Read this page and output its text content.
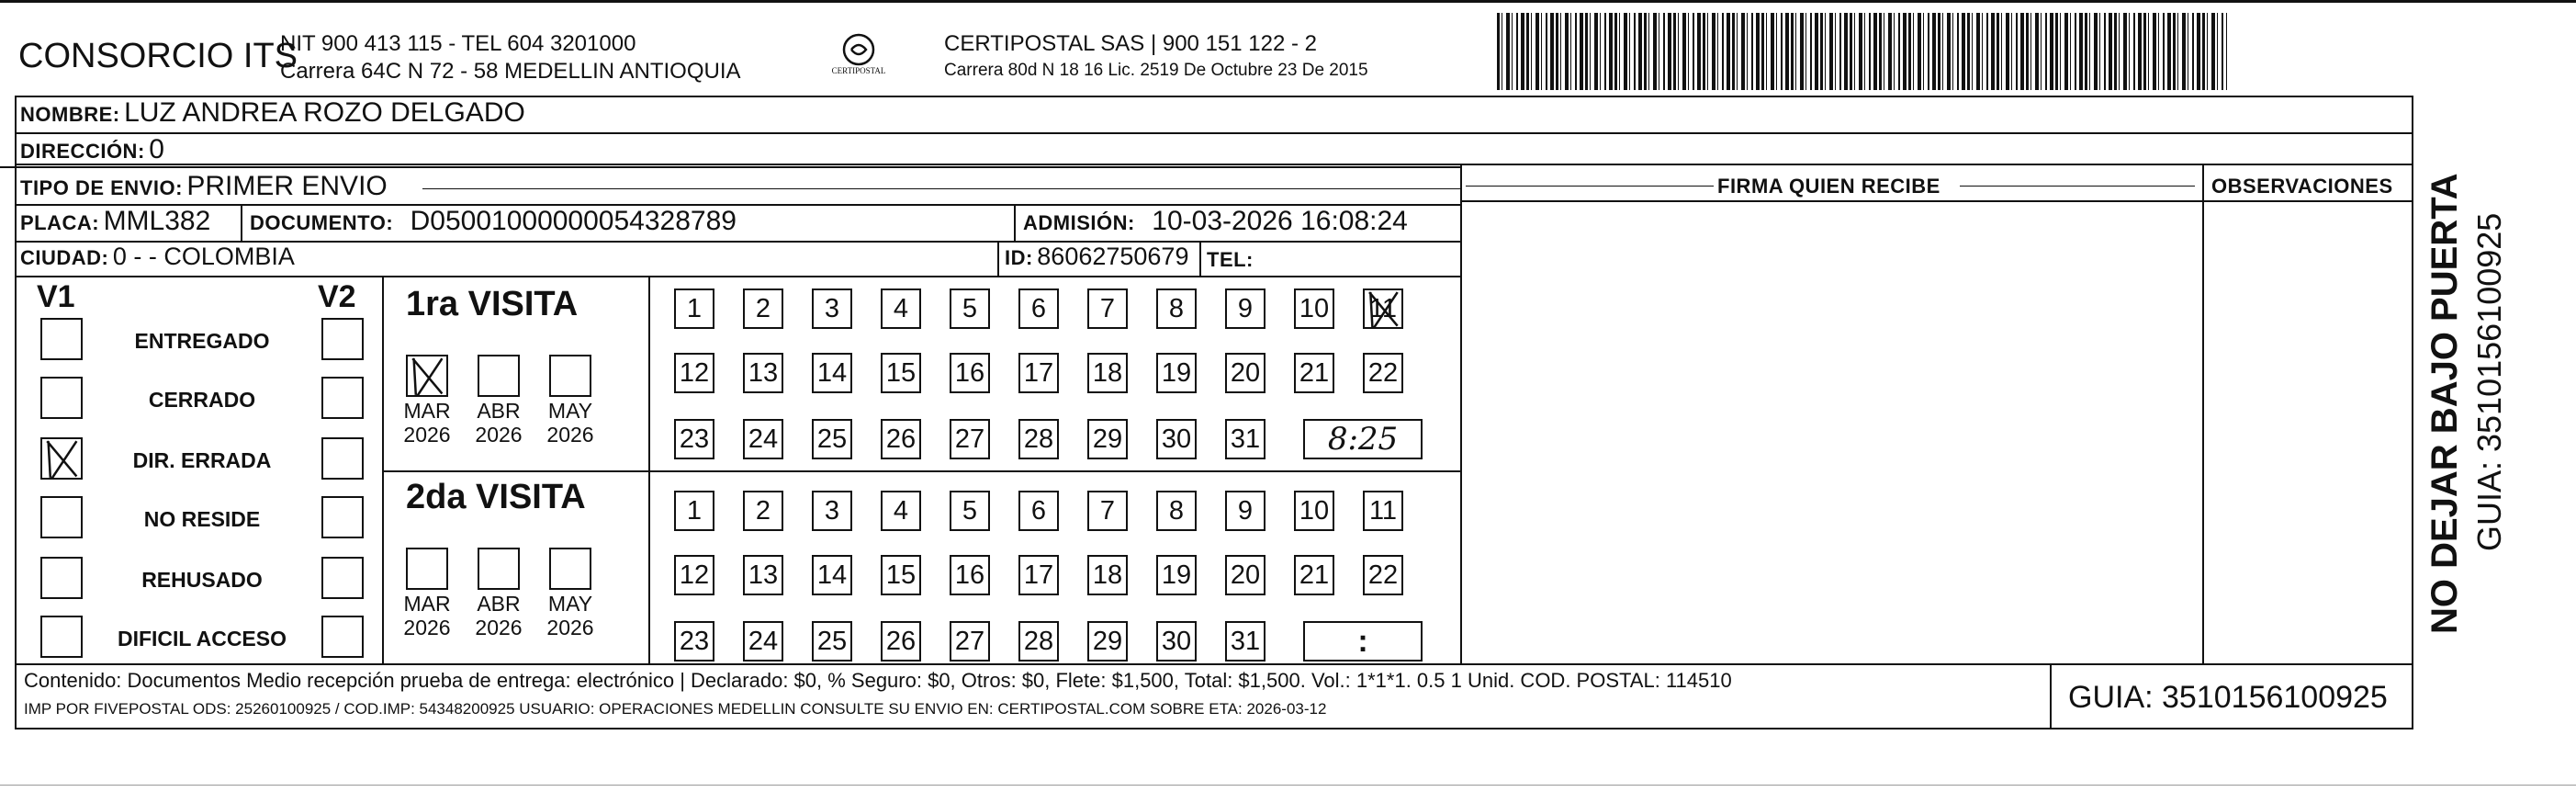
CONSORCIO ITS
NIT 900 413 115 - TEL 604 3201000
Carrera 64C N 72 - 58 MEDELLIN ANTIOQUIA	CERTIPOSTAL
CERTIPOSTAL SAS | 900 151 122 - 2
Carrera 80d N 18 16 Lic. 2519 De Octubre 23 De 2015
NOMBRE: LUZ ANDREA ROZO DELGADO
DIRECCIÓN: 0
TIPO DE ENVIO: PRIMER ENVIO
PLACA: MML382 DOCUMENTO: D05001000000054328789	ADMISIÓN: 10-03-2026 16:08:24
CIUDAD: 0 - - COLOMBIA	ID: 86062750679 TEL:
FIRMA QUIEN RECIBE	OBSERVACIONES
V1	V2
ENTREGADO
CERRADO
DIR. ERRADA
NO RESIDE
REHUSADO
DIFICIL ACCESO
1ra VISITA
MAR
2026
ABR
2026
MAY
2026
1	2	3	4	5	6	7	8	9	10 11
12 13 14 15 16 17 18 19 20 21 22
23 24 25 26 27 28 29 30 31	8:25
2da VISITA
MAR
2026
ABR
2026
MAY
2026
1	2	3	4	5	6	7	8	9	10 11
12 13 14 15 16 17 18 19 20 21 22
23 24 25 26 27 28 29 30 31	:
Contenido: Documentos Medio recepción prueba de entrega: electrónico | Declarado: $0, % Seguro: $0, Otros: $0, Flete: $1,500, Total: $1,500. Vol.: 1*1*1. 0.5 1 Unid. COD. POSTAL: 114510
IMP POR FIVEPOSTAL ODS: 25260100925 / COD.IMP: 54348200925 USUARIO: OPERACIONES MEDELLIN CONSULTE SU ENVIO EN: CERTIPOSTAL.COM SOBRE ETA: 2026-03-12	GUIA: 3510156100925
NO DEJAR BAJO PUERTA GUIA: 3510156100925
